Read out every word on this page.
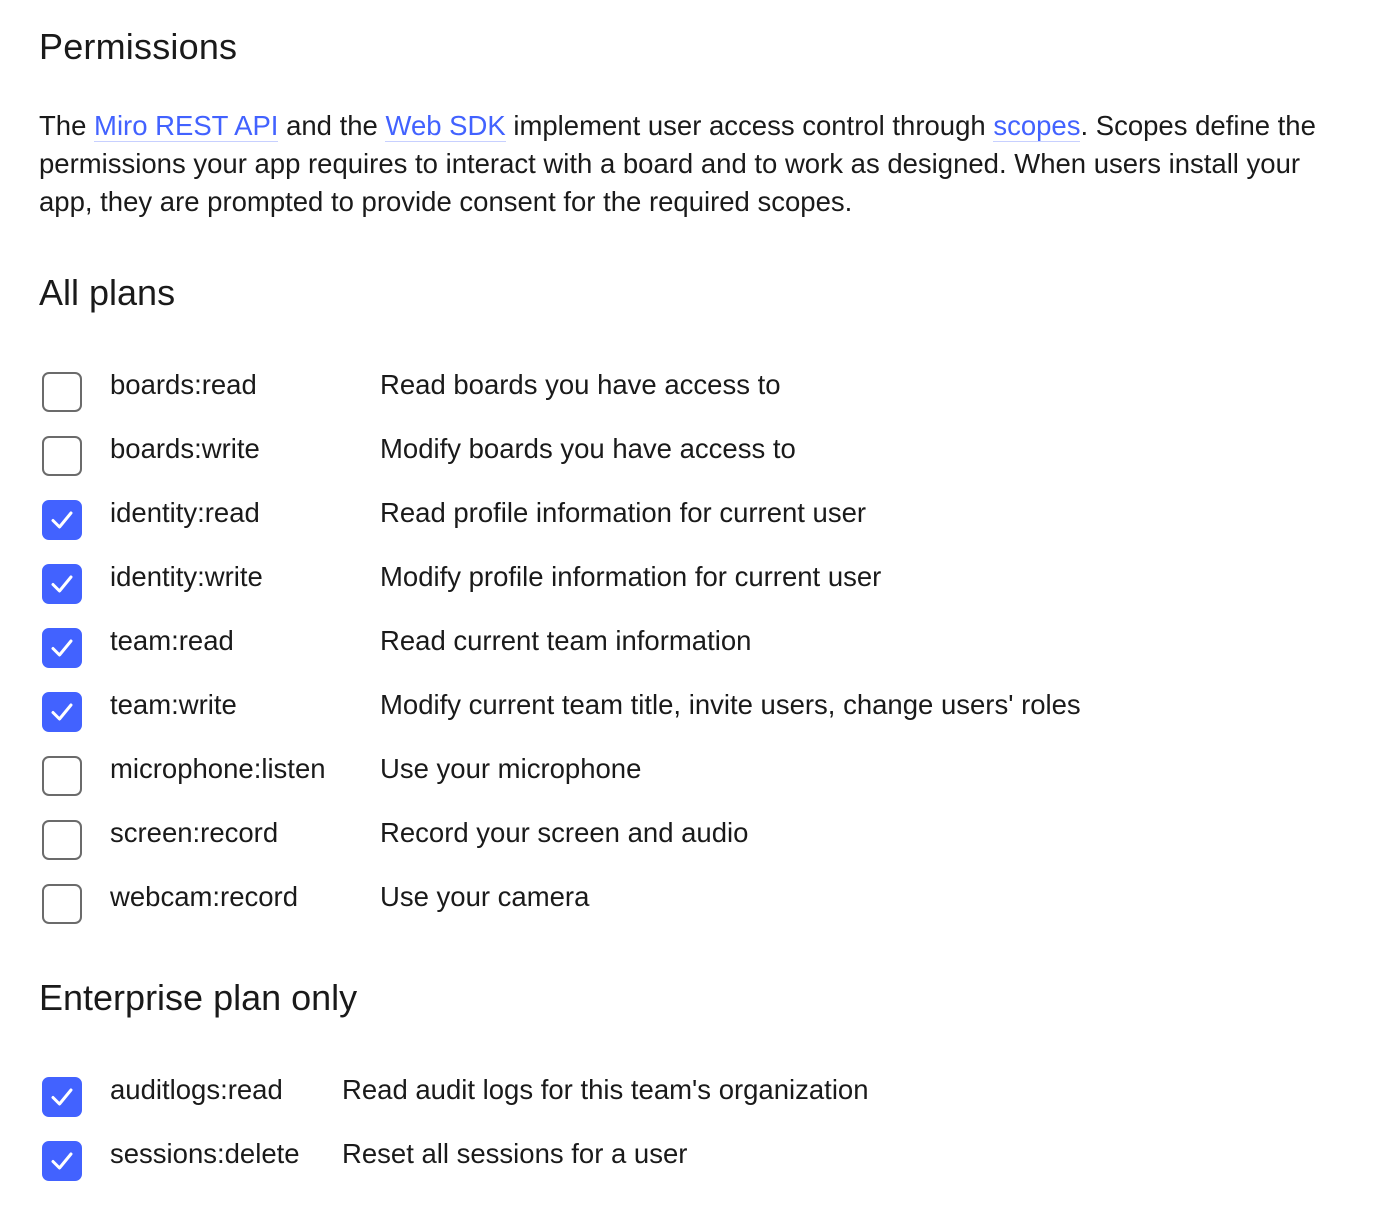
Permissions

The Miro REST API and the Web SDK implement user access control through scopes. Scopes define the permissions your app requires to interact with a board and to work as designed. When users install your app, they are prompted to provide consent for the required scopes.

All plans
boards:read	Read boards you have access to
boards:write	Modify boards you have access to
identity:read	Read profile information for current user
identity:write	Modify profile information for current user
team:read	Read current team information
team:write	Modify current team title, invite users, change users' roles
microphone:listen Use your microphone
screen:record	Record your screen and audio
webcam:record	Use your camera
Enterprise plan only
auditlogs:read Read audit logs for this team's organization
sessions:delete Reset all sessions for a user
